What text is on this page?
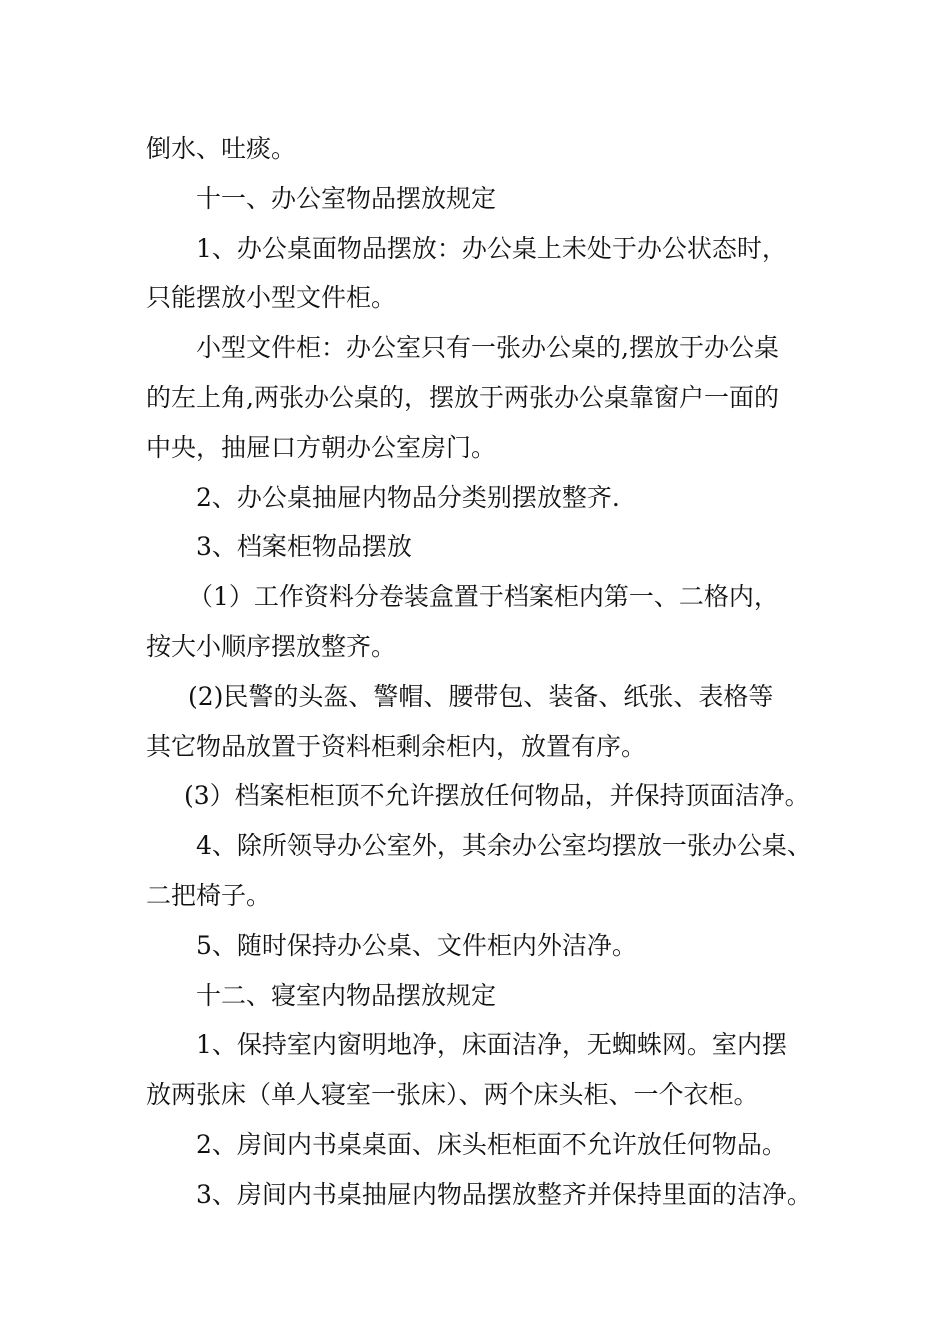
倒水、吐痰。
十一、办公室物品摆放规定
1、办公桌面物品摆放：办公桌上未处于办公状态时，
只能摆放小型文件柜。
小型文件柜：办公室只有一张办公桌的,摆放于办公桌
的左上角,两张办公桌的，摆放于两张办公桌靠窗户一面的
中央，抽屉口方朝办公室房门。
2、办公桌抽屉内物品分类别摆放整齐.
3、档案柜物品摆放
（1）工作资料分卷装盒置于档案柜内第一、二格内，
按大小顺序摆放整齐。
(2)民警的头盔、警帽、腰带包、装备、纸张、表格等
其它物品放置于资料柜剩余柜内，放置有序。
(3）档案柜柜顶不允许摆放任何物品，并保持顶面洁净。
4、除所领导办公室外，其余办公室均摆放一张办公桌、
二把椅子。
5、随时保持办公桌、文件柜内外洁净。
十二、寝室内物品摆放规定
1、保持室内窗明地净，床面洁净，无蜘蛛网。室内摆
放两张床（单人寝室一张床）、两个床头柜、一个衣柜。
2、房间内书桌桌面、床头柜柜面不允许放任何物品。
3、房间内书桌抽屉内物品摆放整齐并保持里面的洁净。
